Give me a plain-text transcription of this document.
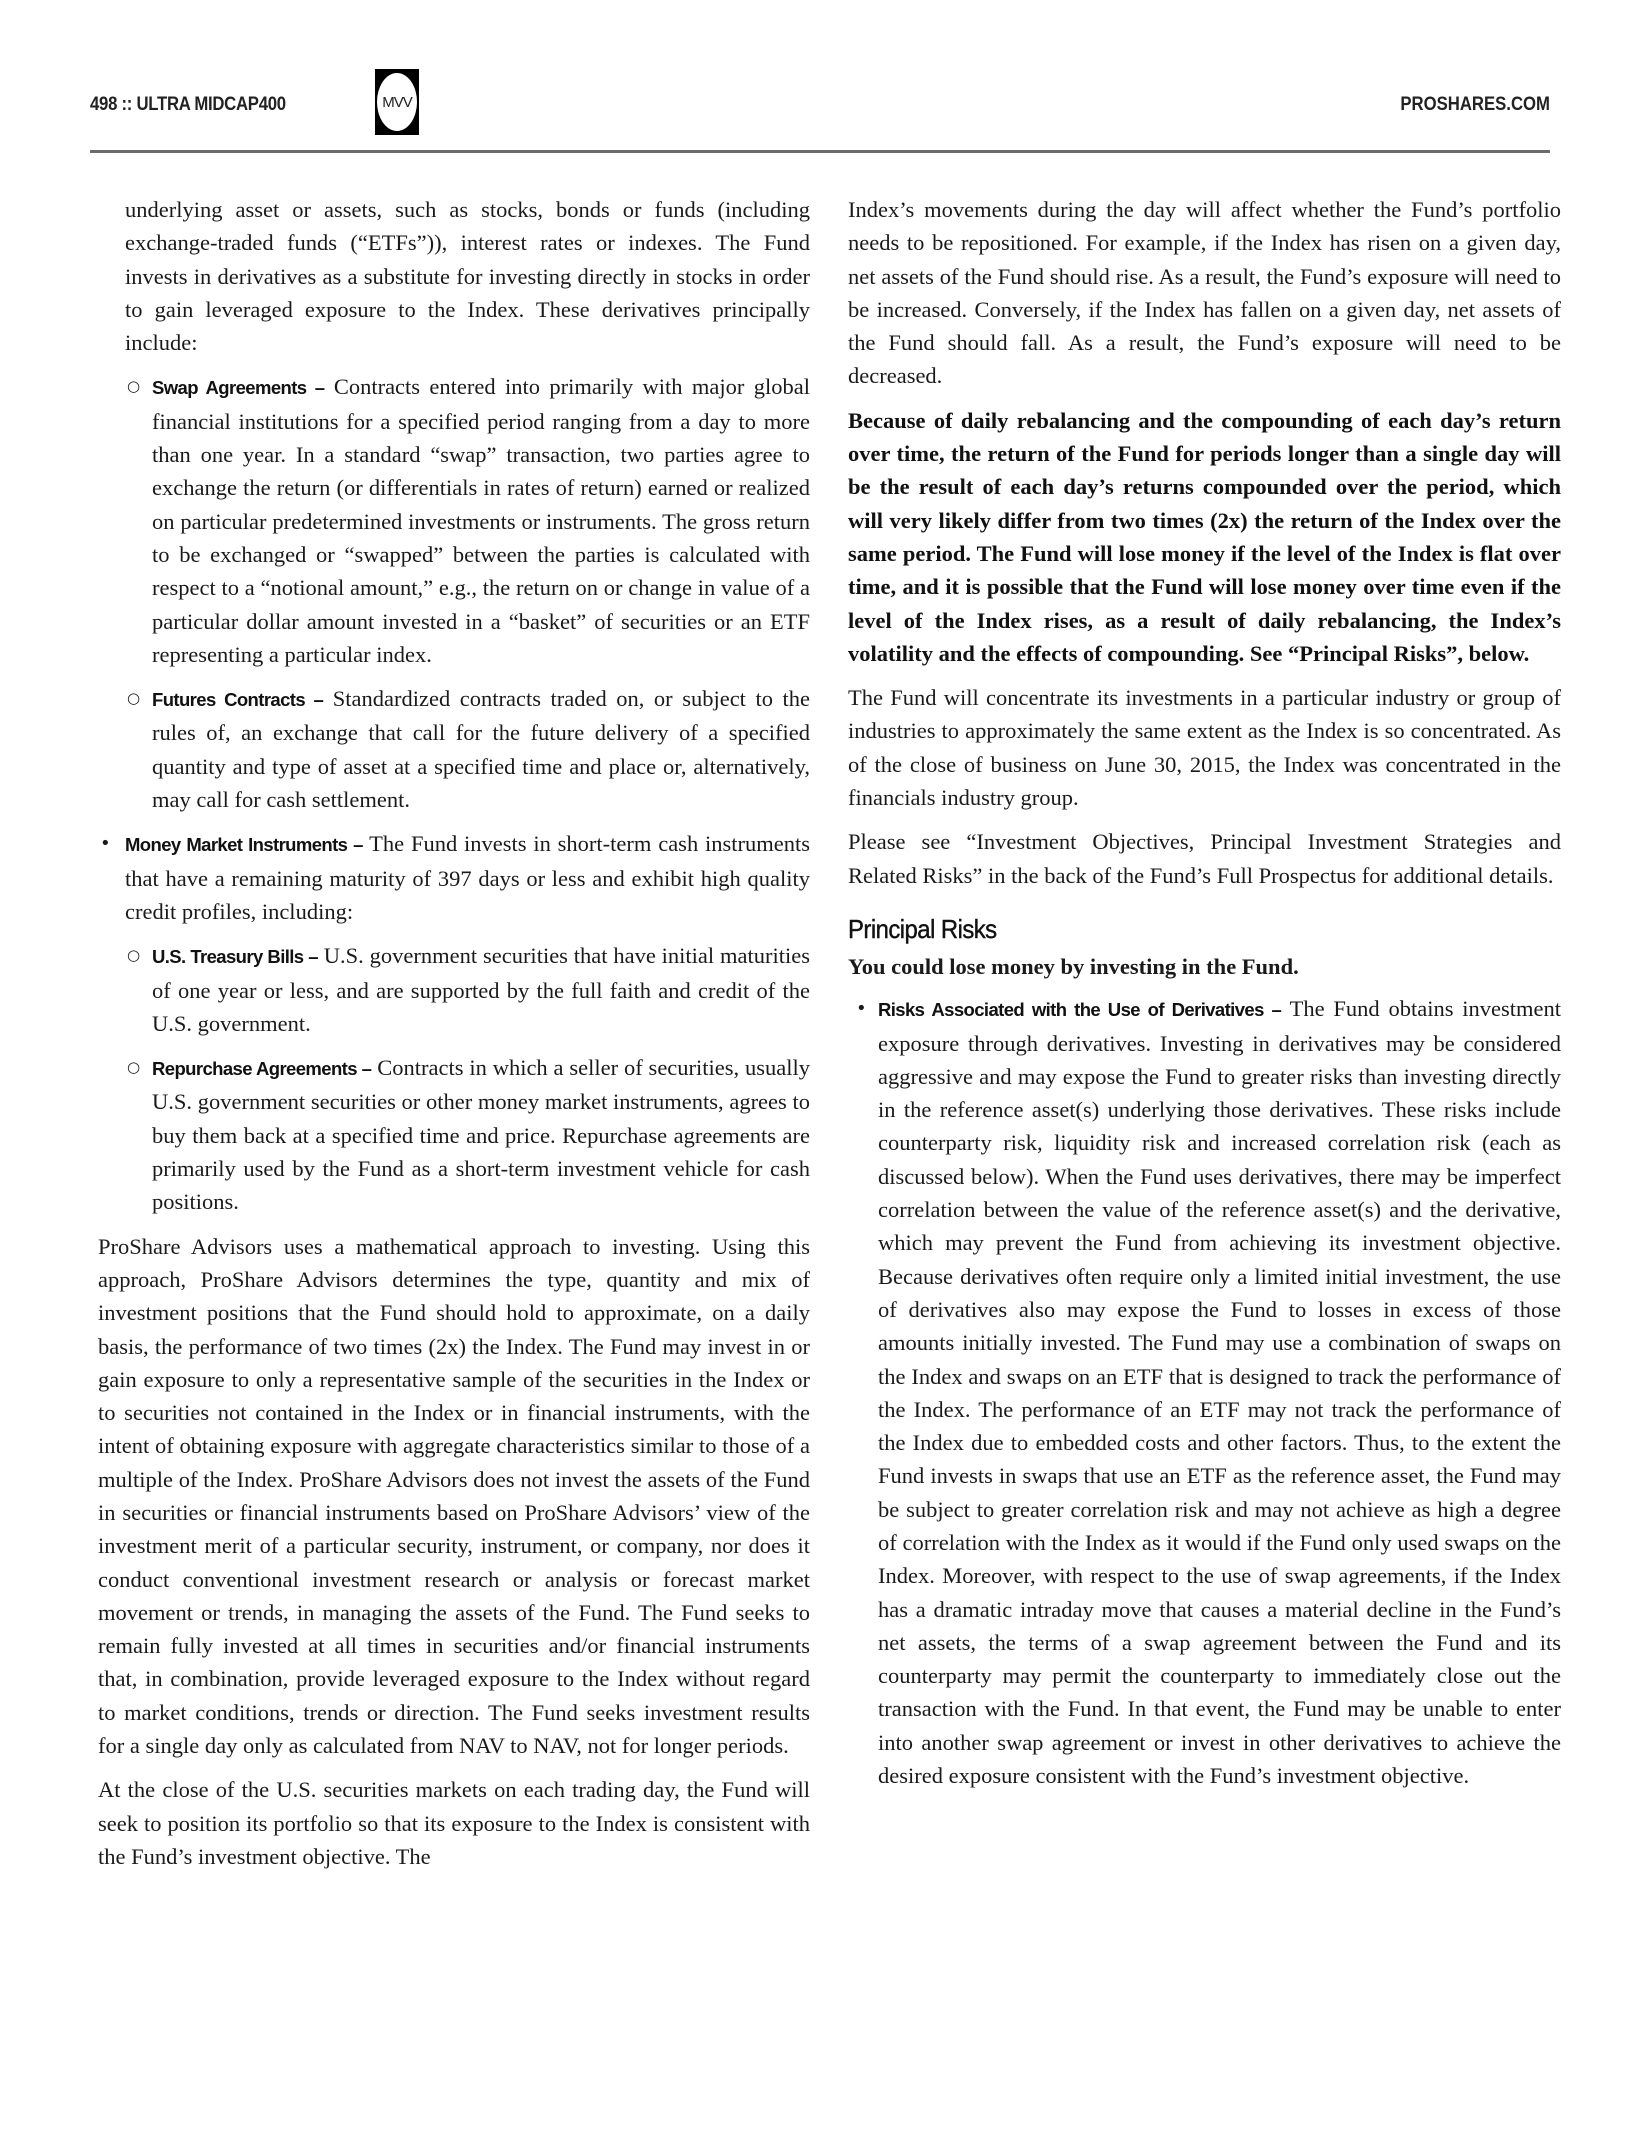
498 :: ULTRA MIDCAP400	MVV	PROSHARES.COM

underlying asset or assets, such as stocks, bonds or funds (including exchange-traded funds (“ETFs”)), interest rates or indexes. The Fund invests in derivatives as a substitute for investing directly in stocks in order to gain leveraged exposure to the Index. These derivatives principally include:

○ Swap Agreements – Contracts entered into primarily with major global financial institutions for a specified period ranging from a day to more than one year. In a standard “swap” transaction, two parties agree to exchange the return (or differentials in rates of return) earned or realized on particular predetermined investments or instruments. The gross return to be exchanged or “swapped” between the parties is calculated with respect to a “notional amount,” e.g., the return on or change in value of a particular dollar amount invested in a “basket” of securities or an ETF representing a particular index.
○ Futures Contracts – Standardized contracts traded on, or subject to the rules of, an exchange that call for the future delivery of a specified quantity and type of asset at a specified time and place or, alternatively, may call for cash settlement.
• Money Market Instruments – The Fund invests in short-term cash instruments that have a remaining maturity of 397 days or less and exhibit high quality credit profiles, including:
○ U.S. Treasury Bills – U.S. government securities that have initial maturities of one year or less, and are supported by the full faith and credit of the U.S. government.
○ Repurchase Agreements – Contracts in which a seller of securities, usually U.S. government securities or other money market instruments, agrees to buy them back at a specified time and price. Repurchase agreements are primarily used by the Fund as a short-term investment vehicle for cash positions.

ProShare Advisors uses a mathematical approach to investing. Using this approach, ProShare Advisors determines the type, quantity and mix of investment positions that the Fund should hold to approximate, on a daily basis, the performance of two times (2x) the Index. The Fund may invest in or gain exposure to only a representative sample of the securities in the Index or to securities not contained in the Index or in financial instruments, with the intent of obtaining exposure with aggregate characteristics similar to those of a multiple of the Index. ProShare Advisors does not invest the assets of the Fund in securities or financial instruments based on ProShare Advisors’ view of the investment merit of a particular security, instrument, or company, nor does it conduct conventional investment research or analysis or forecast market movement or trends, in managing the assets of the Fund. The Fund seeks to remain fully invested at all times in securities and/or financial instruments that, in combination, provide leveraged exposure to the Index without regard to market conditions, trends or direction. The Fund seeks investment results for a single day only as calculated from NAV to NAV, not for longer periods.

At the close of the U.S. securities markets on each trading day, the Fund will seek to position its portfolio so that its exposure to the Index is consistent with the Fund’s investment objective. The

Index’s movements during the day will affect whether the Fund’s portfolio needs to be repositioned. For example, if the Index has risen on a given day, net assets of the Fund should rise. As a result, the Fund’s exposure will need to be increased. Conversely, if the Index has fallen on a given day, net assets of the Fund should fall. As a result, the Fund’s exposure will need to be decreased.

Because of daily rebalancing and the compounding of each day’s return over time, the return of the Fund for periods longer than a single day will be the result of each day’s returns compounded over the period, which will very likely differ from two times (2x) the return of the Index over the same period. The Fund will lose money if the level of the Index is flat over time, and it is possible that the Fund will lose money over time even if the level of the Index rises, as a result of daily rebalancing, the Index’s volatility and the effects of compounding. See “Principal Risks”, below.

The Fund will concentrate its investments in a particular industry or group of industries to approximately the same extent as the Index is so concentrated. As of the close of business on June 30, 2015, the Index was concentrated in the financials industry group.

Please see “Investment Objectives, Principal Investment Strategies and Related Risks” in the back of the Fund’s Full Prospectus for additional details.

Principal Risks

You could lose money by investing in the Fund.

• Risks Associated with the Use of Derivatives – The Fund obtains investment exposure through derivatives. Investing in derivatives may be considered aggressive and may expose the Fund to greater risks than investing directly in the reference asset(s) underlying those derivatives. These risks include counterparty risk, liquidity risk and increased correlation risk (each as discussed below). When the Fund uses derivatives, there may be imperfect correlation between the value of the reference asset(s) and the derivative, which may prevent the Fund from achieving its investment objective. Because derivatives often require only a limited initial investment, the use of derivatives also may expose the Fund to losses in excess of those amounts initially invested. The Fund may use a combination of swaps on the Index and swaps on an ETF that is designed to track the performance of the Index. The performance of an ETF may not track the performance of the Index due to embedded costs and other factors. Thus, to the extent the Fund invests in swaps that use an ETF as the reference asset, the Fund may be subject to greater correlation risk and may not achieve as high a degree of correlation with the Index as it would if the Fund only used swaps on the Index. Moreover, with respect to the use of swap agreements, if the Index has a dramatic intraday move that causes a material decline in the Fund’s net assets, the terms of a swap agreement between the Fund and its counterparty may permit the counterparty to immediately close out the transaction with the Fund. In that event, the Fund may be unable to enter into another swap agreement or invest in other derivatives to achieve the desired exposure consistent with the Fund’s investment objective.
